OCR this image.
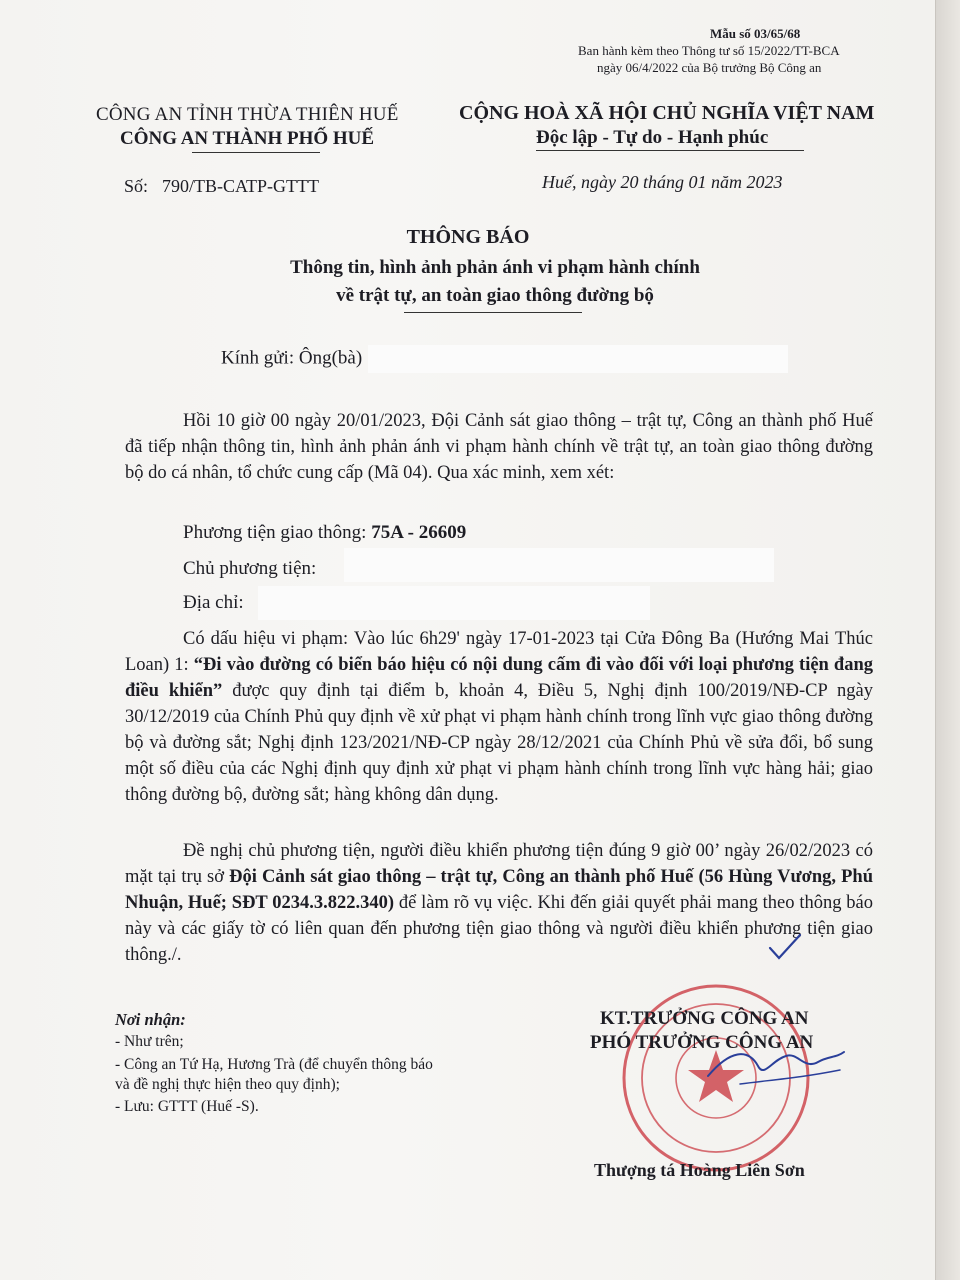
Mẫu số 03/65/68
Ban hành kèm theo Thông tư số 15/2022/TT-BCA
ngày 06/4/2022 của Bộ trưởng Bộ Công an
CÔNG AN TỈNH THỪA THIÊN HUẾ
CÔNG AN THÀNH PHỐ HUẾ
CỘNG HOÀ XÃ HỘI CHỦ NGHĨA VIỆT NAM
Độc lập - Tự do - Hạnh phúc
Số: 790/TB-CATP-GTTT	Huế, ngày 20 tháng 01 năm 2023
THÔNG BÁO
Thông tin, hình ảnh phản ánh vi phạm hành chính
về trật tự, an toàn giao thông đường bộ
Kính gửi: Ông(bà)
Hồi 10 giờ 00 ngày 20/01/2023, Đội Cảnh sát giao thông – trật tự, Công an thành phố Huế đã tiếp nhận thông tin, hình ảnh phản ánh vi phạm hành chính về trật tự, an toàn giao thông đường bộ do cá nhân, tổ chức cung cấp (Mã 04). Qua xác minh, xem xét:
Phương tiện giao thông: 75A - 26609
Chủ phương tiện:
Địa chỉ:
Có dấu hiệu vi phạm: Vào lúc 6h29' ngày 17-01-2023 tại Cửa Đông Ba (Hướng Mai Thúc Loan) 1: “Đi vào đường có biển báo hiệu có nội dung cấm đi vào đối với loại phương tiện đang điều khiển” được quy định tại điểm b, khoản 4, Điều 5, Nghị định 100/2019/NĐ-CP ngày 30/12/2019 của Chính Phủ quy định về xử phạt vi phạm hành chính trong lĩnh vực giao thông đường bộ và đường sắt; Nghị định 123/2021/NĐ-CP ngày 28/12/2021 của Chính Phủ về sửa đổi, bổ sung một số điều của các Nghị định quy định xử phạt vi phạm hành chính trong lĩnh vực hàng hải; giao thông đường bộ, đường sắt; hàng không dân dụng.
Đề nghị chủ phương tiện, người điều khiển phương tiện đúng 9 giờ 00’ ngày 26/02/2023 có mặt tại trụ sở Đội Cảnh sát giao thông – trật tự, Công an thành phố Huế (56 Hùng Vương, Phú Nhuận, Huế; SĐT 0234.3.822.340) để làm rõ vụ việc. Khi đến giải quyết phải mang theo thông báo này và các giấy tờ có liên quan đến phương tiện giao thông và người điều khiển phương tiện giao thông./.
Nơi nhận:
- Như trên;
- Công an Tứ Hạ, Hương Trà (để chuyển thông báo
và đề nghị thực hiện theo quy định);
- Lưu: GTTT (Huế -S).
KT.TRƯỞNG CÔNG AN
PHÓ TRƯỞNG CÔNG AN
Thượng tá Hoàng Liên Sơn
